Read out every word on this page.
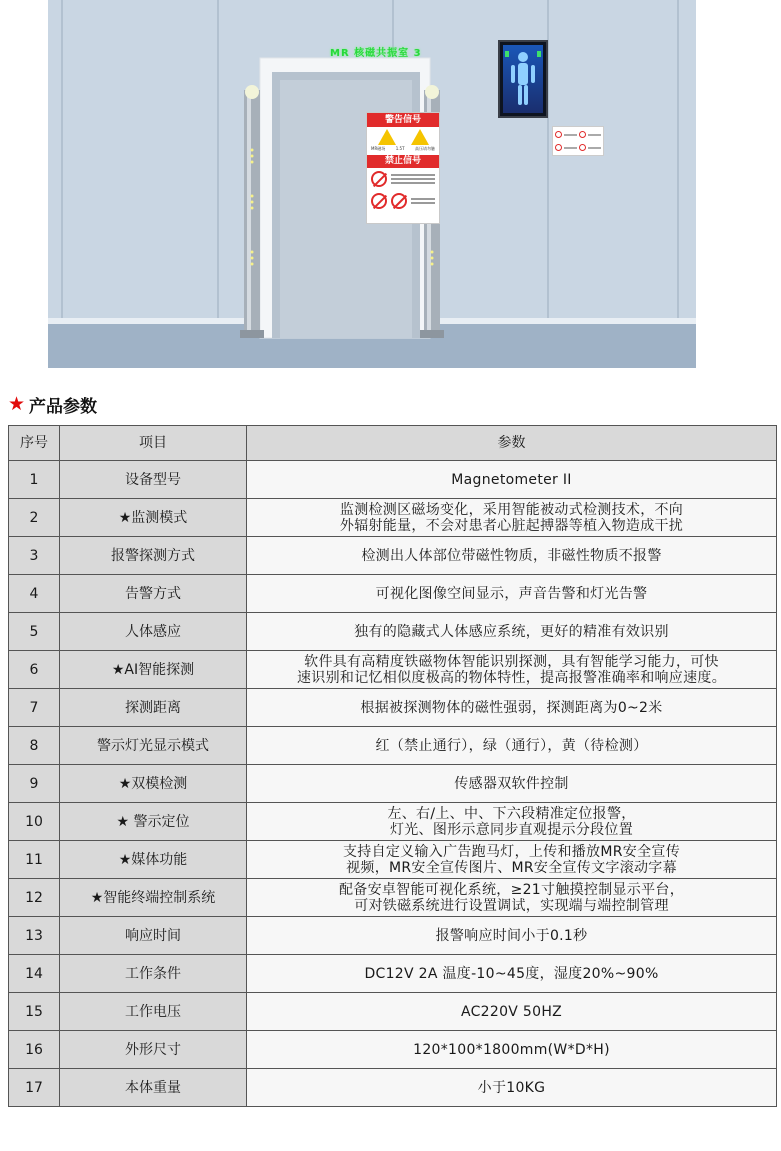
MR 核磁共振室 3
警告信号
MR磁场	1.5T	高压请勿触
禁止信号
★ 产品参数
序号	项目	参数
1	设备型号	Magnetometer II
2	★监测模式	监测检测区磁场变化，采用智能被动式检测技术，不向
外辐射能量，不会对患者心脏起搏器等植入物造成干扰
3	报警探测方式	检测出人体部位带磁性物质，非磁性物质不报警
4	告警方式	可视化图像空间显示，声音告警和灯光告警
5	人体感应	独有的隐藏式人体感应系统，更好的精准有效识别
6	★AI智能探测	软件具有高精度铁磁物体智能识别探测，具有智能学习能力，可快
速识别和记忆相似度极高的物体特性，提高报警准确率和响应速度。
7	探测距离	根据被探测物体的磁性强弱，探测距离为0~2米
8	警示灯光显示模式	红（禁止通行），绿（通行），黄（待检测）
9	★双模检测	传感器双软件控制
10	★ 警示定位	左、右/上、中、下六段精准定位报警，
灯光、图形示意同步直观提示分段位置
11	★媒体功能	支持自定义输入广告跑马灯，上传和播放MR安全宣传
视频，MR安全宣传图片、MR安全宣传文字滚动字幕
12	★智能终端控制系统	配备安卓智能可视化系统，≥21寸触摸控制显示平台，
可对铁磁系统进行设置调试，实现端与端控制管理
13	响应时间	报警响应时间小于0.1秒
14	工作条件	DC12V 2A 温度-10~45度，湿度20%~90%
15	工作电压	AC220V 50HZ
16	外形尺寸	120*100*1800mm(W*D*H)
17	本体重量	小于10KG
